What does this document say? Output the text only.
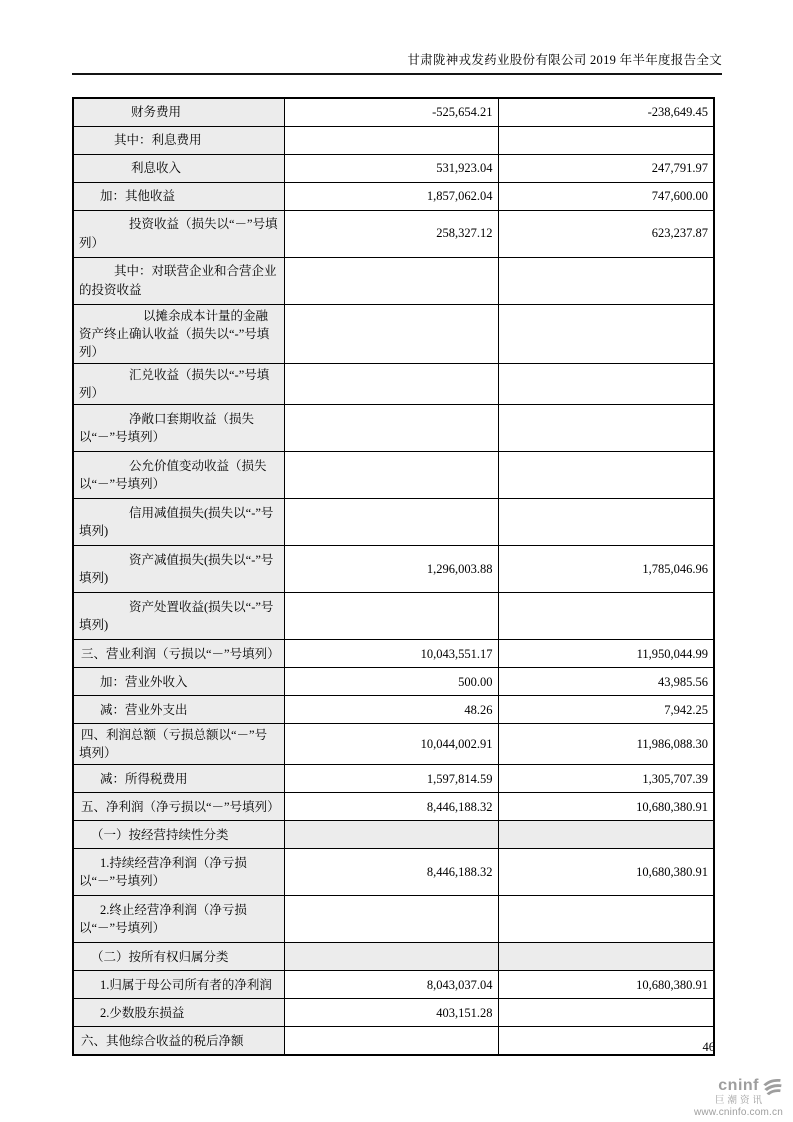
甘肃陇神戎发药业股份有限公司 2019 年半年度报告全文
财务费用	-525,654.21	-238,649.45
其中：利息费用		
利息收入	531,923.04	247,791.97
加：其他收益	1,857,062.04	747,600.00
投资收益（损失以“－”号填列）	258,327.12	623,237.87
其中：对联营企业和合营企业的投资收益		
以摊余成本计量的金融资产终止确认收益（损失以“-”号填列）		
汇兑收益（损失以“-”号填列）		
净敞口套期收益（损失以“－”号填列）		
公允价值变动收益（损失以“－”号填列）		
信用减值损失(损失以“-”号填列)		
资产减值损失(损失以“-”号填列)	1,296,003.88	1,785,046.96
资产处置收益(损失以“-”号填列)		
三、营业利润（亏损以“－”号填列）	10,043,551.17	11,950,044.99
加：营业外收入	500.00	43,985.56
减：营业外支出	48.26	7,942.25
四、利润总额（亏损总额以“－”号填列）	10,044,002.91	11,986,088.30
减：所得税费用	1,597,814.59	1,305,707.39
五、净利润（净亏损以“－”号填列）	8,446,188.32	10,680,380.91
（一）按经营持续性分类		
1.持续经营净利润（净亏损以“－”号填列）	8,446,188.32	10,680,380.91
2.终止经营净利润（净亏损以“－”号填列）		
（二）按所有权归属分类		
1.归属于母公司所有者的净利润	8,043,037.04	10,680,380.91
2.少数股东损益	403,151.28	
六、其他综合收益的税后净额			46
cninf
巨潮资讯
www.cninfo.com.cn
